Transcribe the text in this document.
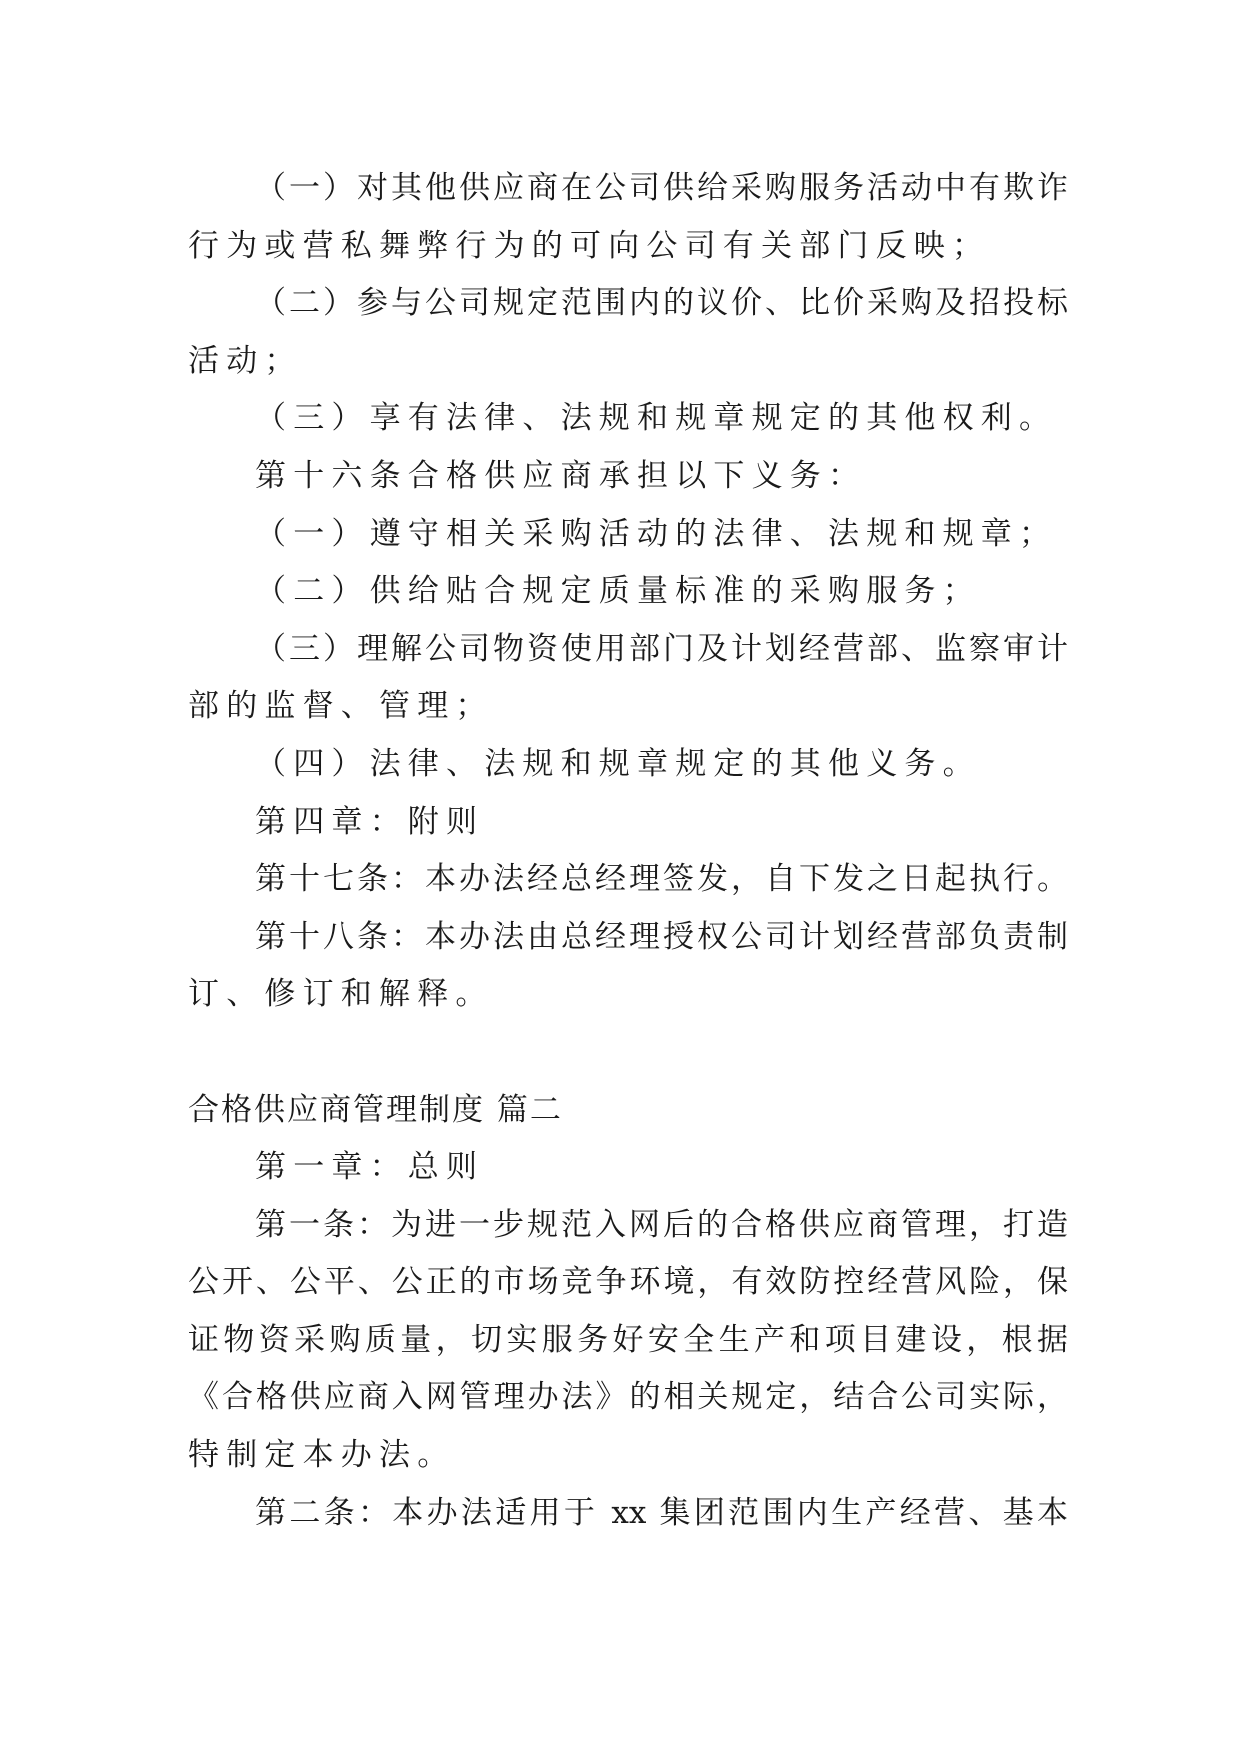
（一）对其他供应商在公司供给采购服务活动中有欺诈
行为或营私舞弊行为的可向公司有关部门反映；
（二）参与公司规定范围内的议价、比价采购及招投标
活动；
（三）享有法律、法规和规章规定的其他权利。
第十六条合格供应商承担以下义务：
（一）遵守相关采购活动的法律、法规和规章；
（二）供给贴合规定质量标准的采购服务；
（三）理解公司物资使用部门及计划经营部、监察审计
部的监督、管理；
（四）法律、法规和规章规定的其他义务。
第四章：附则
第十七条：本办法经总经理签发，自下发之日起执行。
第十八条：本办法由总经理授权公司计划经营部负责制
订、修订和解释。
合格供应商管理制度 篇二
第一章：总则
第一条：为进一步规范入网后的合格供应商管理，打造
公开、公平、公正的市场竞争环境，有效防控经营风险，保
证物资采购质量，切实服务好安全生产和项目建设，根据
《合格供应商入网管理办法》的相关规定，结合公司实际，
特制定本办法。
第二条：本办法适用于 xx 集团范围内生产经营、基本
